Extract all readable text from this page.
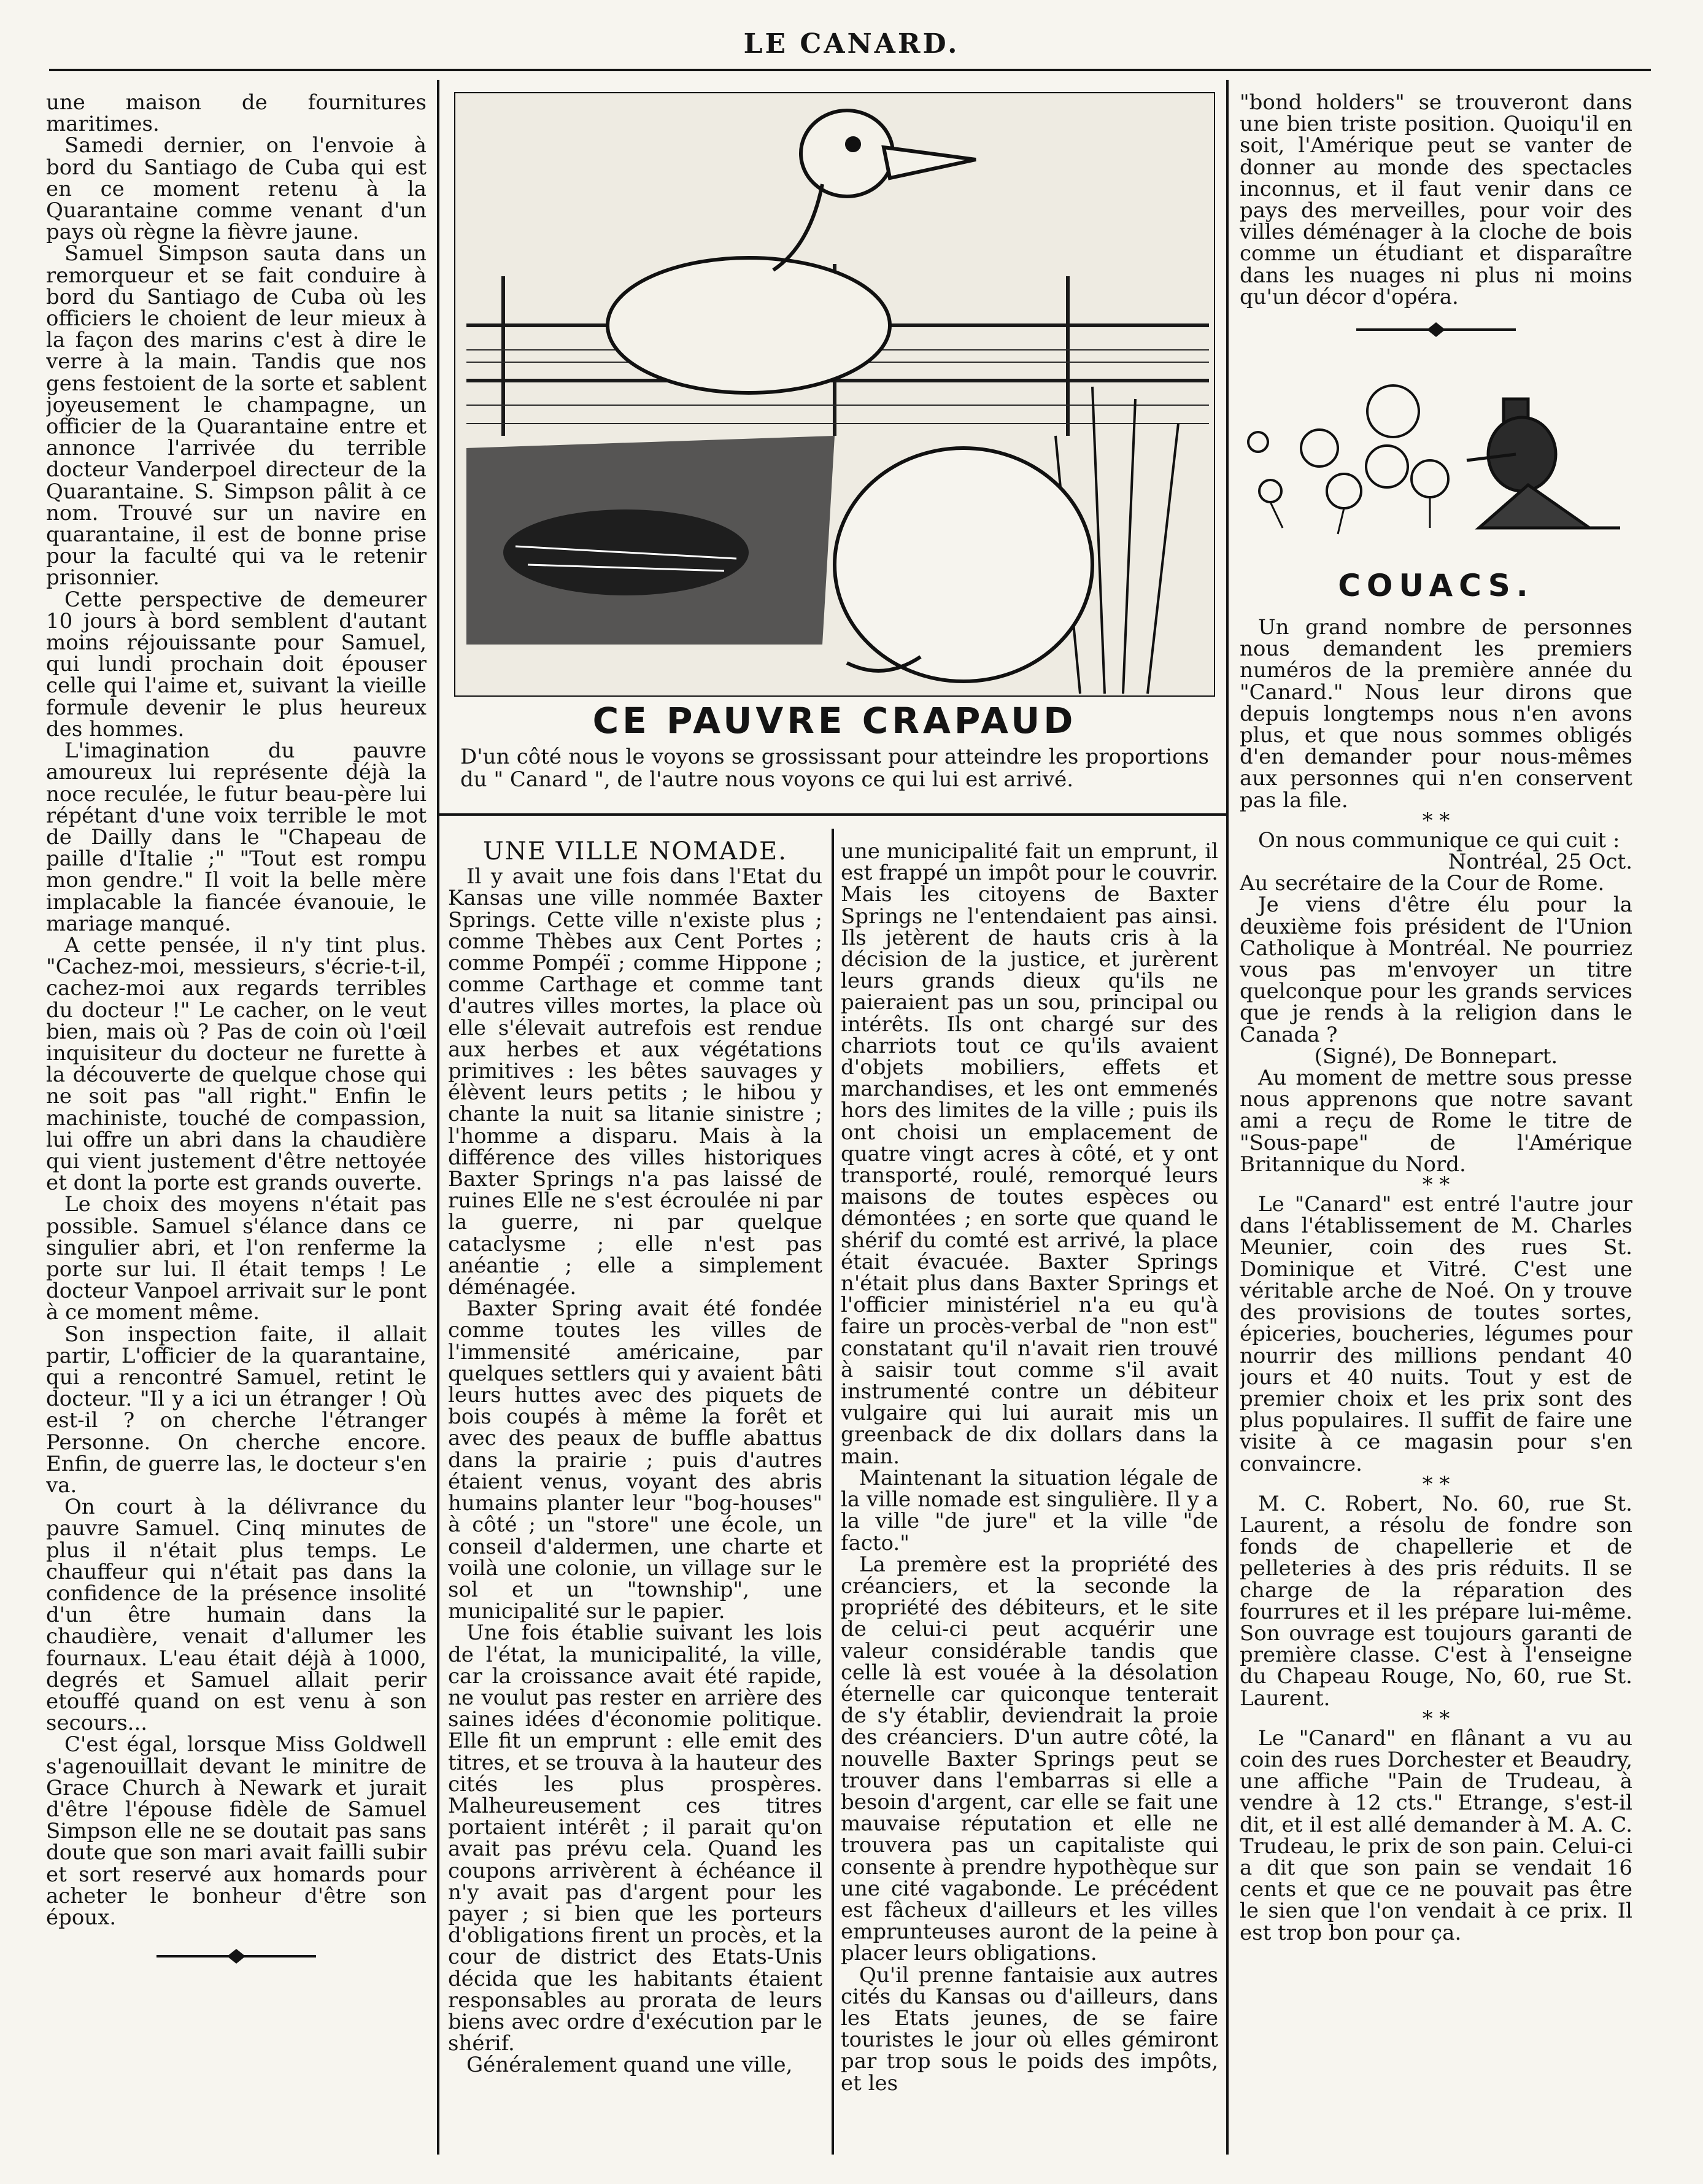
LE CANARD.

une maison de fournitures maritimes.

Samedi dernier, on l'envoie à bord du Santiago de Cuba qui est en ce moment retenu à la Quarantaine comme venant d'un pays où règne la fièvre jaune.

Samuel Simpson sauta dans un remorqueur et se fait conduire à bord du Santiago de Cuba où les officiers le choient de leur mieux à la façon des marins c'est à dire le verre à la main. Tandis que nos gens festoient de la sorte et sablent joyeusement le champagne, un officier de la Quarantaine entre et annonce l'arrivée du terrible docteur Vanderpoel directeur de la Quarantaine. S. Simpson pâlit à ce nom. Trouvé sur un navire en quarantaine, il est de bonne prise pour la faculté qui va le retenir prisonnier.

Cette perspective de demeurer 10 jours à bord semblent d'autant moins réjouissante pour Samuel, qui lundi prochain doit épouser celle qui l'aime et, suivant la vieille formule devenir le plus heureux des hommes.

L'imagination du pauvre amoureux lui représente déjà la noce reculée, le futur beau-père lui répétant d'une voix terrible le mot de Dailly dans le "Chapeau de paille d'Italie ;" "Tout est rompu mon gendre." Il voit la belle mère implacable la fiancée évanouie, le mariage manqué.

A cette pensée, il n'y tint plus. "Cachez-moi, messieurs, s'écrie-t-il, cachez-moi aux regards terribles du docteur !" Le cacher, on le veut bien, mais où ? Pas de coin où l'œil inquisiteur du docteur ne furette à la découverte de quelque chose qui ne soit pas "all right." Enfin le machiniste, touché de compassion, lui offre un abri dans la chaudière qui vient justement d'être nettoyée et dont la porte est grands ouverte.

Le choix des moyens n'était pas possible. Samuel s'élance dans ce singulier abri, et l'on renferme la porte sur lui. Il était temps ! Le docteur Vanpoel arrivait sur le pont à ce moment même.

Son inspection faite, il allait partir, L'officier de la quarantaine, qui a rencontré Samuel, retint le docteur. "Il y a ici un étranger ! Où est-il ? on cherche l'étranger Personne. On cherche encore. Enfin, de guerre las, le docteur s'en va.

On court à la délivrance du pauvre Samuel. Cinq minutes de plus il n'était plus temps. Le chauffeur qui n'était pas dans la confidence de la présence insolité d'un être humain dans la chaudière, venait d'allumer les fournaux. L'eau était déjà à 1000, degrés et Samuel allait perir etouffé quand on est venu à son secours...

C'est égal, lorsque Miss Goldwell s'agenouillait devant le minitre de Grace Church à Newark et jurait d'être l'épouse fidèle de Samuel Simpson elle ne se doutait pas sans doute que son mari avait failli subir et sort reservé aux homards pour acheter le bonheur d'être son époux.

CE PAUVRE CRAPAUD
D'un côté nous le voyons se grossissant pour atteindre les proportions du " Canard ", de l'autre nous voyons ce qui lui est arrivé.
UNE VILLE NOMADE.

Il y avait une fois dans l'Etat du Kansas une ville nommée Baxter Springs. Cette ville n'existe plus ; comme Thèbes aux Cent Portes ; comme Pompéï ; comme Hippone ; comme Carthage et comme tant d'autres villes mortes, la place où elle s'élevait autrefois est rendue aux herbes et aux végétations primitives : les bêtes sauvages y élèvent leurs petits ; le hibou y chante la nuit sa litanie sinistre ; l'homme a disparu. Mais à la différence des villes historiques Baxter Springs n'a pas laissé de ruines Elle ne s'est écroulée ni par la guerre, ni par quelque cataclysme ; elle n'est pas anéantie ; elle a simplement déménagée.

Baxter Spring avait été fondée comme toutes les villes de l'immensité américaine, par quelques settlers qui y avaient bâti leurs huttes avec des piquets de bois coupés à même la forêt et avec des peaux de buffle abattus dans la prairie ; puis d'autres étaient venus, voyant des abris humains planter leur "bog-houses" à côté ; un "store" une école, un conseil d'aldermen, une charte et voilà une colonie, un village sur le sol et un "township", une municipalité sur le papier.

Une fois établie suivant les lois de l'état, la municipalité, la ville, car la croissance avait été rapide, ne voulut pas rester en arrière des saines idées d'économie politique. Elle fit un emprunt : elle emit des titres, et se trouva à la hauteur des cités les plus prospères. Malheureusement ces titres portaient intérêt ; il parait qu'on avait pas prévu cela. Quand les coupons arrivèrent à échéance il n'y avait pas d'argent pour les payer ; si bien que les porteurs d'obligations firent un procès, et la cour de district des Etats-Unis décida que les habitants étaient responsables au prorata de leurs biens avec ordre d'exécution par le shérif.

Généralement quand une ville,

une municipalité fait un emprunt, il est frappé un impôt pour le couvrir. Mais les citoyens de Baxter Springs ne l'entendaient pas ainsi. Ils jetèrent de hauts cris à la décision de la justice, et jurèrent leurs grands dieux qu'ils ne paieraient pas un sou, principal ou intérêts. Ils ont chargé sur des charriots tout ce qu'ils avaient d'objets mobiliers, effets et marchandises, et les ont emmenés hors des limites de la ville ; puis ils ont choisi un emplacement de quatre vingt acres à côté, et y ont transporté, roulé, remorqué leurs maisons de toutes espèces ou démontées ; en sorte que quand le shérif du comté est arrivé, la place était évacuée. Baxter Springs n'était plus dans Baxter Springs et l'officier ministériel n'a eu qu'à faire un procès-verbal de "non est" constatant qu'il n'avait rien trouvé à saisir tout comme s'il avait instrumenté contre un débiteur vulgaire qui lui aurait mis un greenback de dix dollars dans la main.

Maintenant la situation légale de la ville nomade est singulière. Il y a la ville "de jure" et la ville "de facto."

La premère est la propriété des créanciers, et la seconde la propriété des débiteurs, et le site de celui-ci peut acquérir une valeur considérable tandis que celle là est vouée à la désolation éternelle car quiconque tenterait de s'y établir, deviendrait la proie des créanciers. D'un autre côté, la nouvelle Baxter Springs peut se trouver dans l'embarras si elle a besoin d'argent, car elle se fait une mauvaise réputation et elle ne trouvera pas un capitaliste qui consente à prendre hypothèque sur une cité vagabonde. Le précédent est fâcheux d'ailleurs et les villes emprunteuses auront de la peine à placer leurs obligations.

Qu'il prenne fantaisie aux autres cités du Kansas ou d'ailleurs, dans les Etats jeunes, de se faire touristes le jour où elles gémiront par trop sous le poids des impôts, et les

"bond holders" se trouveront dans une bien triste position. Quoiqu'il en soit, l'Amérique peut se vanter de donner au monde des spectacles inconnus, et il faut venir dans ce pays des merveilles, pour voir des villes déménager à la cloche de bois comme un étudiant et disparaître dans les nuages ni plus ni moins qu'un décor d'opéra.

COUACS.

Un grand nombre de personnes nous demandent les premiers numéros de la première année du "Canard." Nous leur dirons que depuis longtemps nous n'en avons plus, et que nous sommes obligés d'en demander pour nous-mêmes aux personnes qui n'en conservent pas la file.

* *

On nous communique ce qui cuit :

Nontréal, 25 Oct.

Au secrétaire de la Cour de Rome.

Je viens d'être élu pour la deuxième fois président de l'Union Catholique à Montréal. Ne pourriez vous pas m'envoyer un titre quelconque pour les grands services que je rends à la religion dans le Canada ?

(Signé), De Bonnepart.

Au moment de mettre sous presse nous apprenons que notre savant ami a reçu de Rome le titre de "Sous-pape" de l'Amérique Britannique du Nord.

* *

Le "Canard" est entré l'autre jour dans l'établissement de M. Charles Meunier, coin des rues St. Dominique et Vitré. C'est une véritable arche de Noé. On y trouve des provisions de toutes sortes, épiceries, boucheries, légumes pour nourrir des millions pendant 40 jours et 40 nuits. Tout y est de premier choix et les prix sont des plus populaires. Il suffit de faire une visite à ce magasin pour s'en convaincre.

* *

M. C. Robert, No. 60, rue St. Laurent, a résolu de fondre son fonds de chapellerie et de pelleteries à des pris réduits. Il se charge de la réparation des fourrures et il les prépare lui-même. Son ouvrage est toujours garanti de première classe. C'est à l'enseigne du Chapeau Rouge, No, 60, rue St. Laurent.

* *

Le "Canard" en flânant a vu au coin des rues Dorchester et Beaudry, une affiche "Pain de Trudeau, à vendre à 12 cts." Etrange, s'est-il dit, et il est allé demander à M. A. C. Trudeau, le prix de son pain. Celui-ci a dit que son pain se vendait 16 cents et que ce ne pouvait pas être le sien que l'on vendait à ce prix. Il est trop bon pour ça.
